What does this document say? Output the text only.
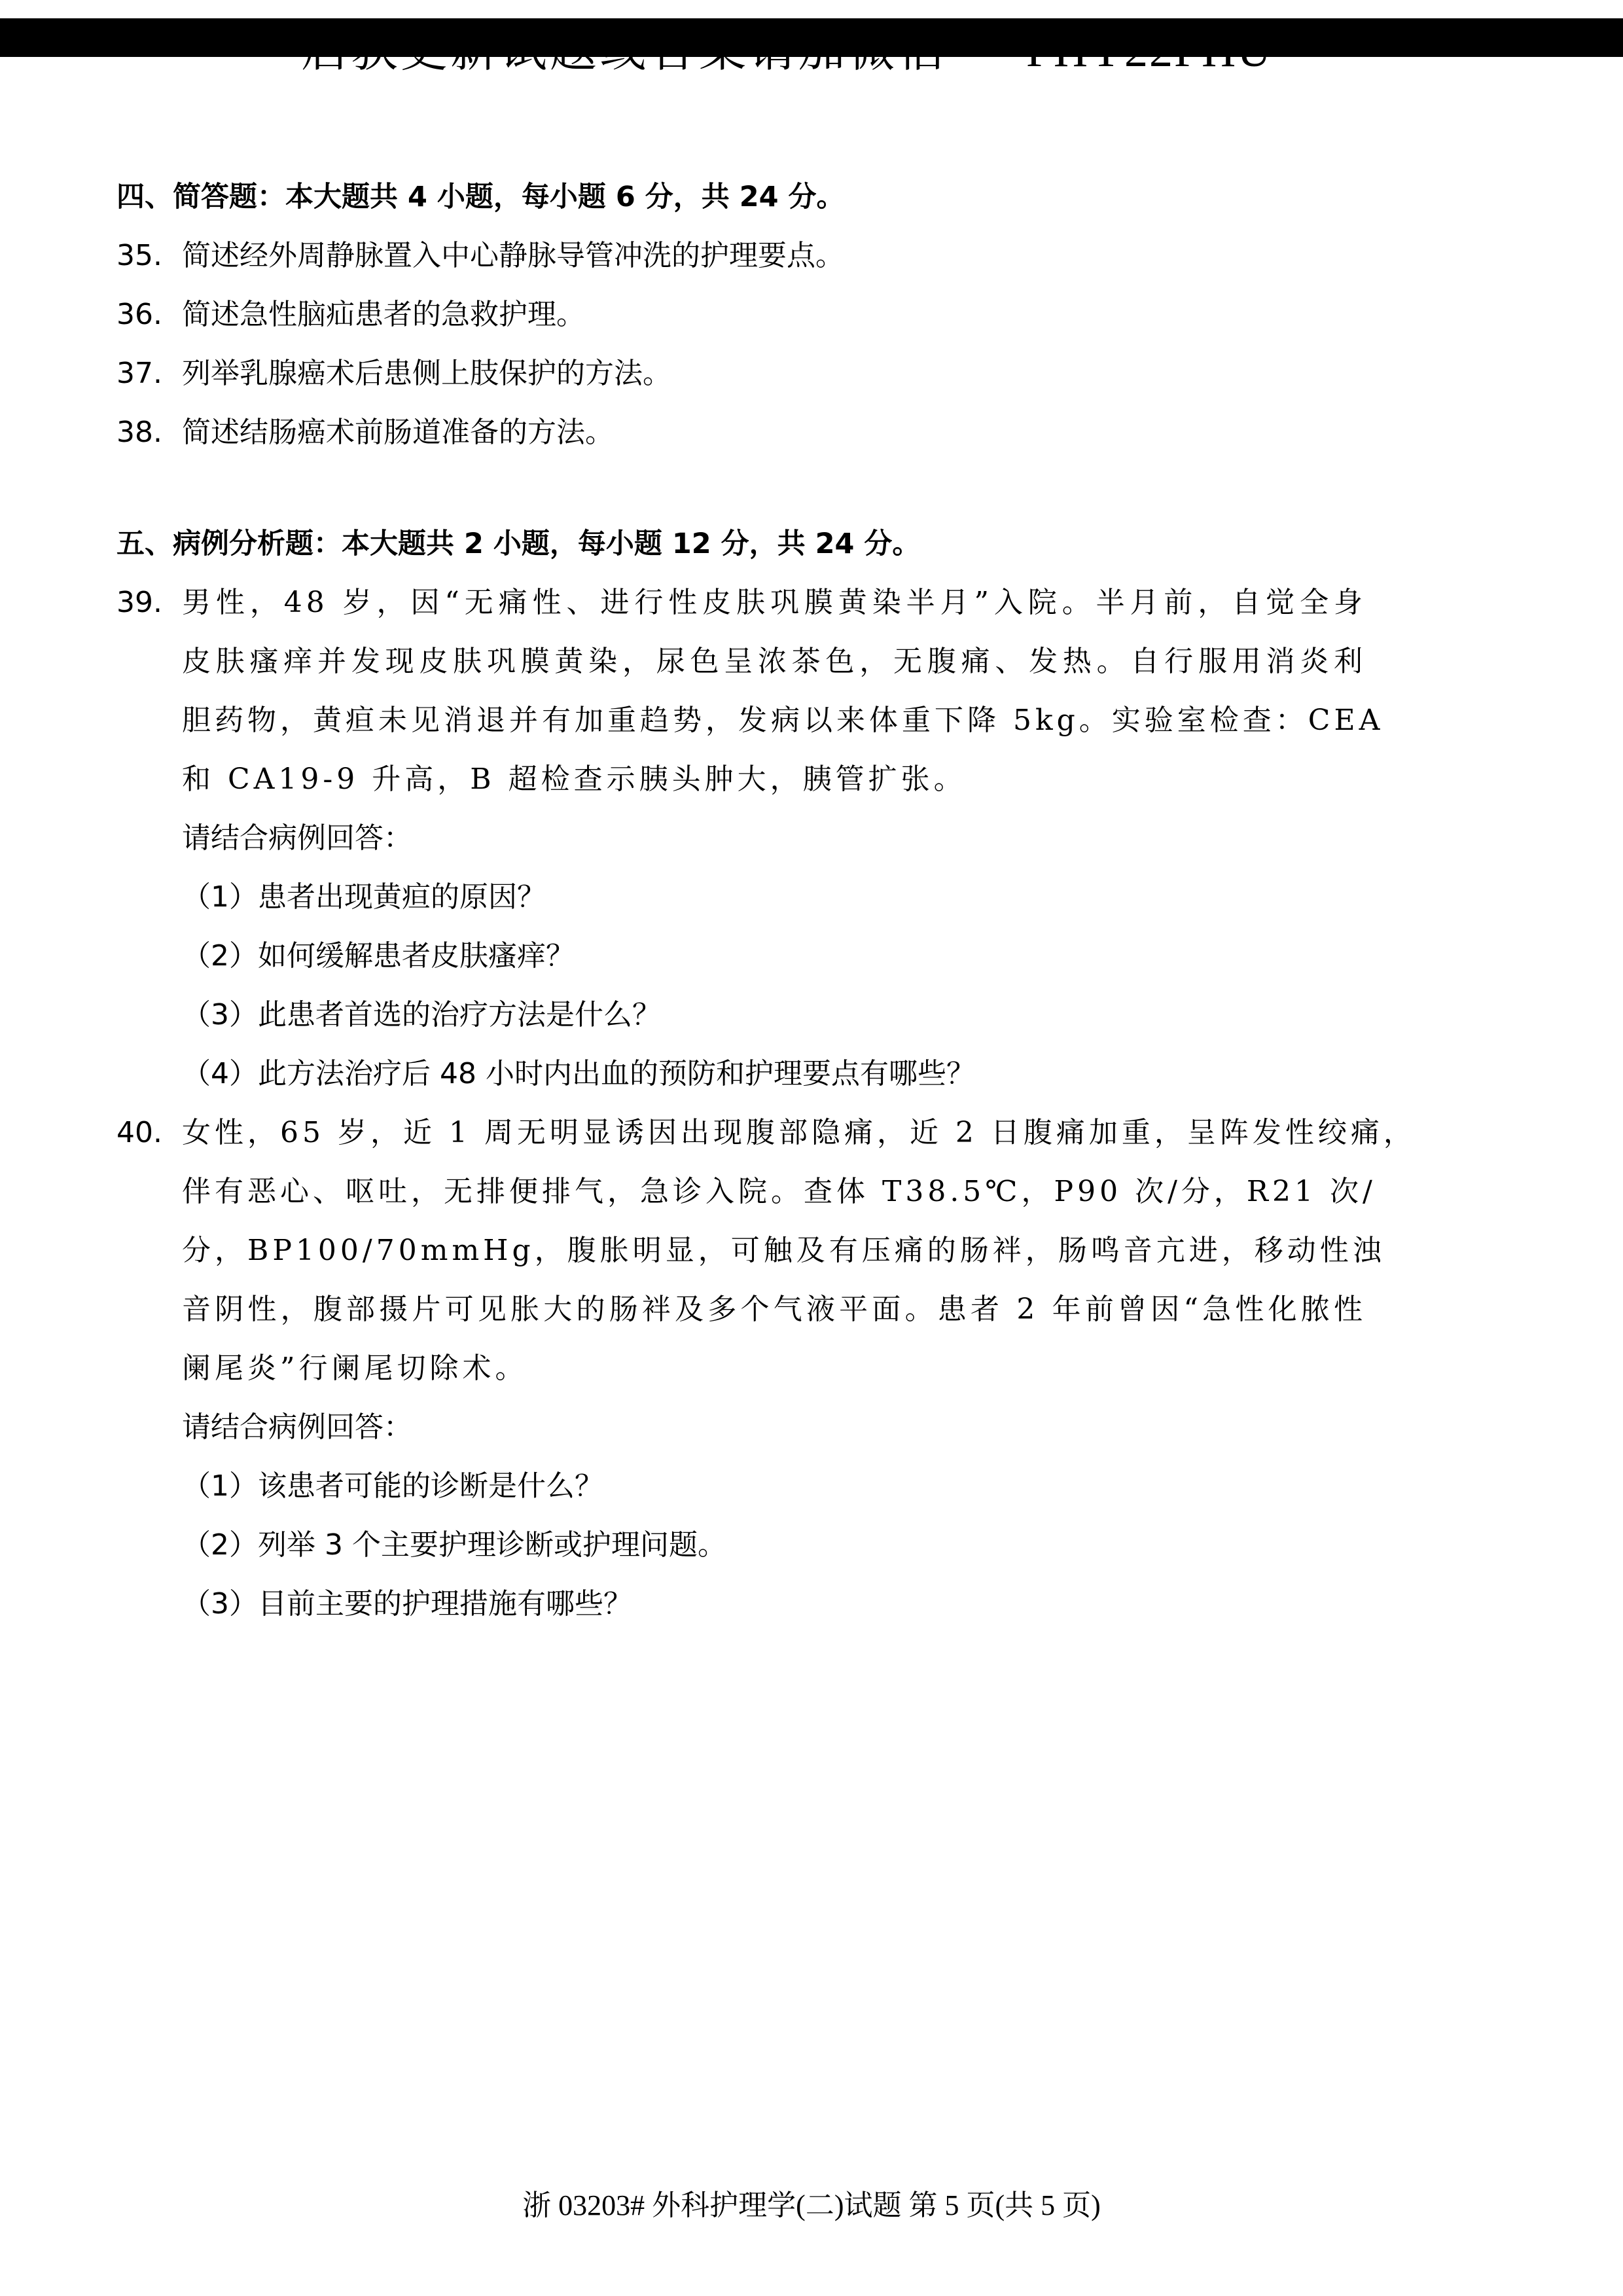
启获更新试题或答案请加微信 PHY22PHU
四、简答题：本大题共 4 小题，每小题 6 分，共 24 分。
35. 简述经外周静脉置入中心静脉导管冲洗的护理要点。
36. 简述急性脑疝患者的急救护理。
37. 列举乳腺癌术后患侧上肢保护的方法。
38. 简述结肠癌术前肠道准备的方法。
五、病例分析题：本大题共 2 小题，每小题 12 分，共 24 分。
39. 男性，48 岁，因“无痛性、进行性皮肤巩膜黄染半月”入院。半月前，自觉全身
皮肤瘙痒并发现皮肤巩膜黄染，尿色呈浓茶色，无腹痛、发热。自行服用消炎利
胆药物，黄疸未见消退并有加重趋势，发病以来体重下降 5kg。实验室检查：CEA
和 CA19-9 升高，B 超检查示胰头肿大，胰管扩张。
请结合病例回答：
（1）患者出现黄疸的原因？
（2）如何缓解患者皮肤瘙痒？
（3）此患者首选的治疗方法是什么？
（4）此方法治疗后 48 小时内出血的预防和护理要点有哪些？
40. 女性，65 岁，近 1 周无明显诱因出现腹部隐痛，近 2 日腹痛加重，呈阵发性绞痛，
伴有恶心、呕吐，无排便排气，急诊入院。查体 T38.5℃，P90 次/分，R21 次/
分，BP100/70mmHg，腹胀明显，可触及有压痛的肠袢，肠鸣音亢进，移动性浊
音阴性，腹部摄片可见胀大的肠袢及多个气液平面。患者 2 年前曾因“急性化脓性
阑尾炎”行阑尾切除术。
请结合病例回答：
（1）该患者可能的诊断是什么？
（2）列举 3 个主要护理诊断或护理问题。
（3）目前主要的护理措施有哪些？
浙 03203# 外科护理学(二)试题 第 5 页(共 5 页)
